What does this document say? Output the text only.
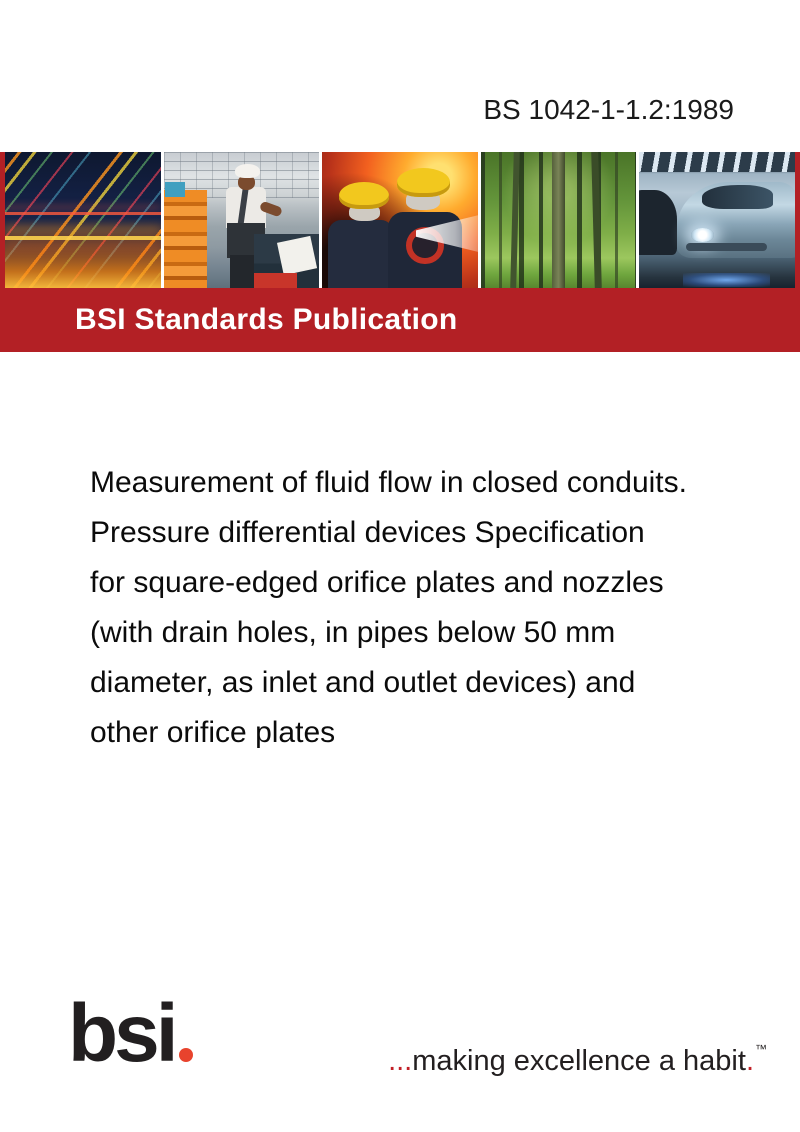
BS 1042-1-1.2:1989
BSI Standards Publication
Measurement of fluid flow in closed conduits.
Pressure differential devices Specification
for square-edged orifice plates and nozzles
(with drain holes, in pipes below 50 mm
diameter, as inlet and outlet devices) and
other orifice plates
bsi	...making excellence a habit.™
